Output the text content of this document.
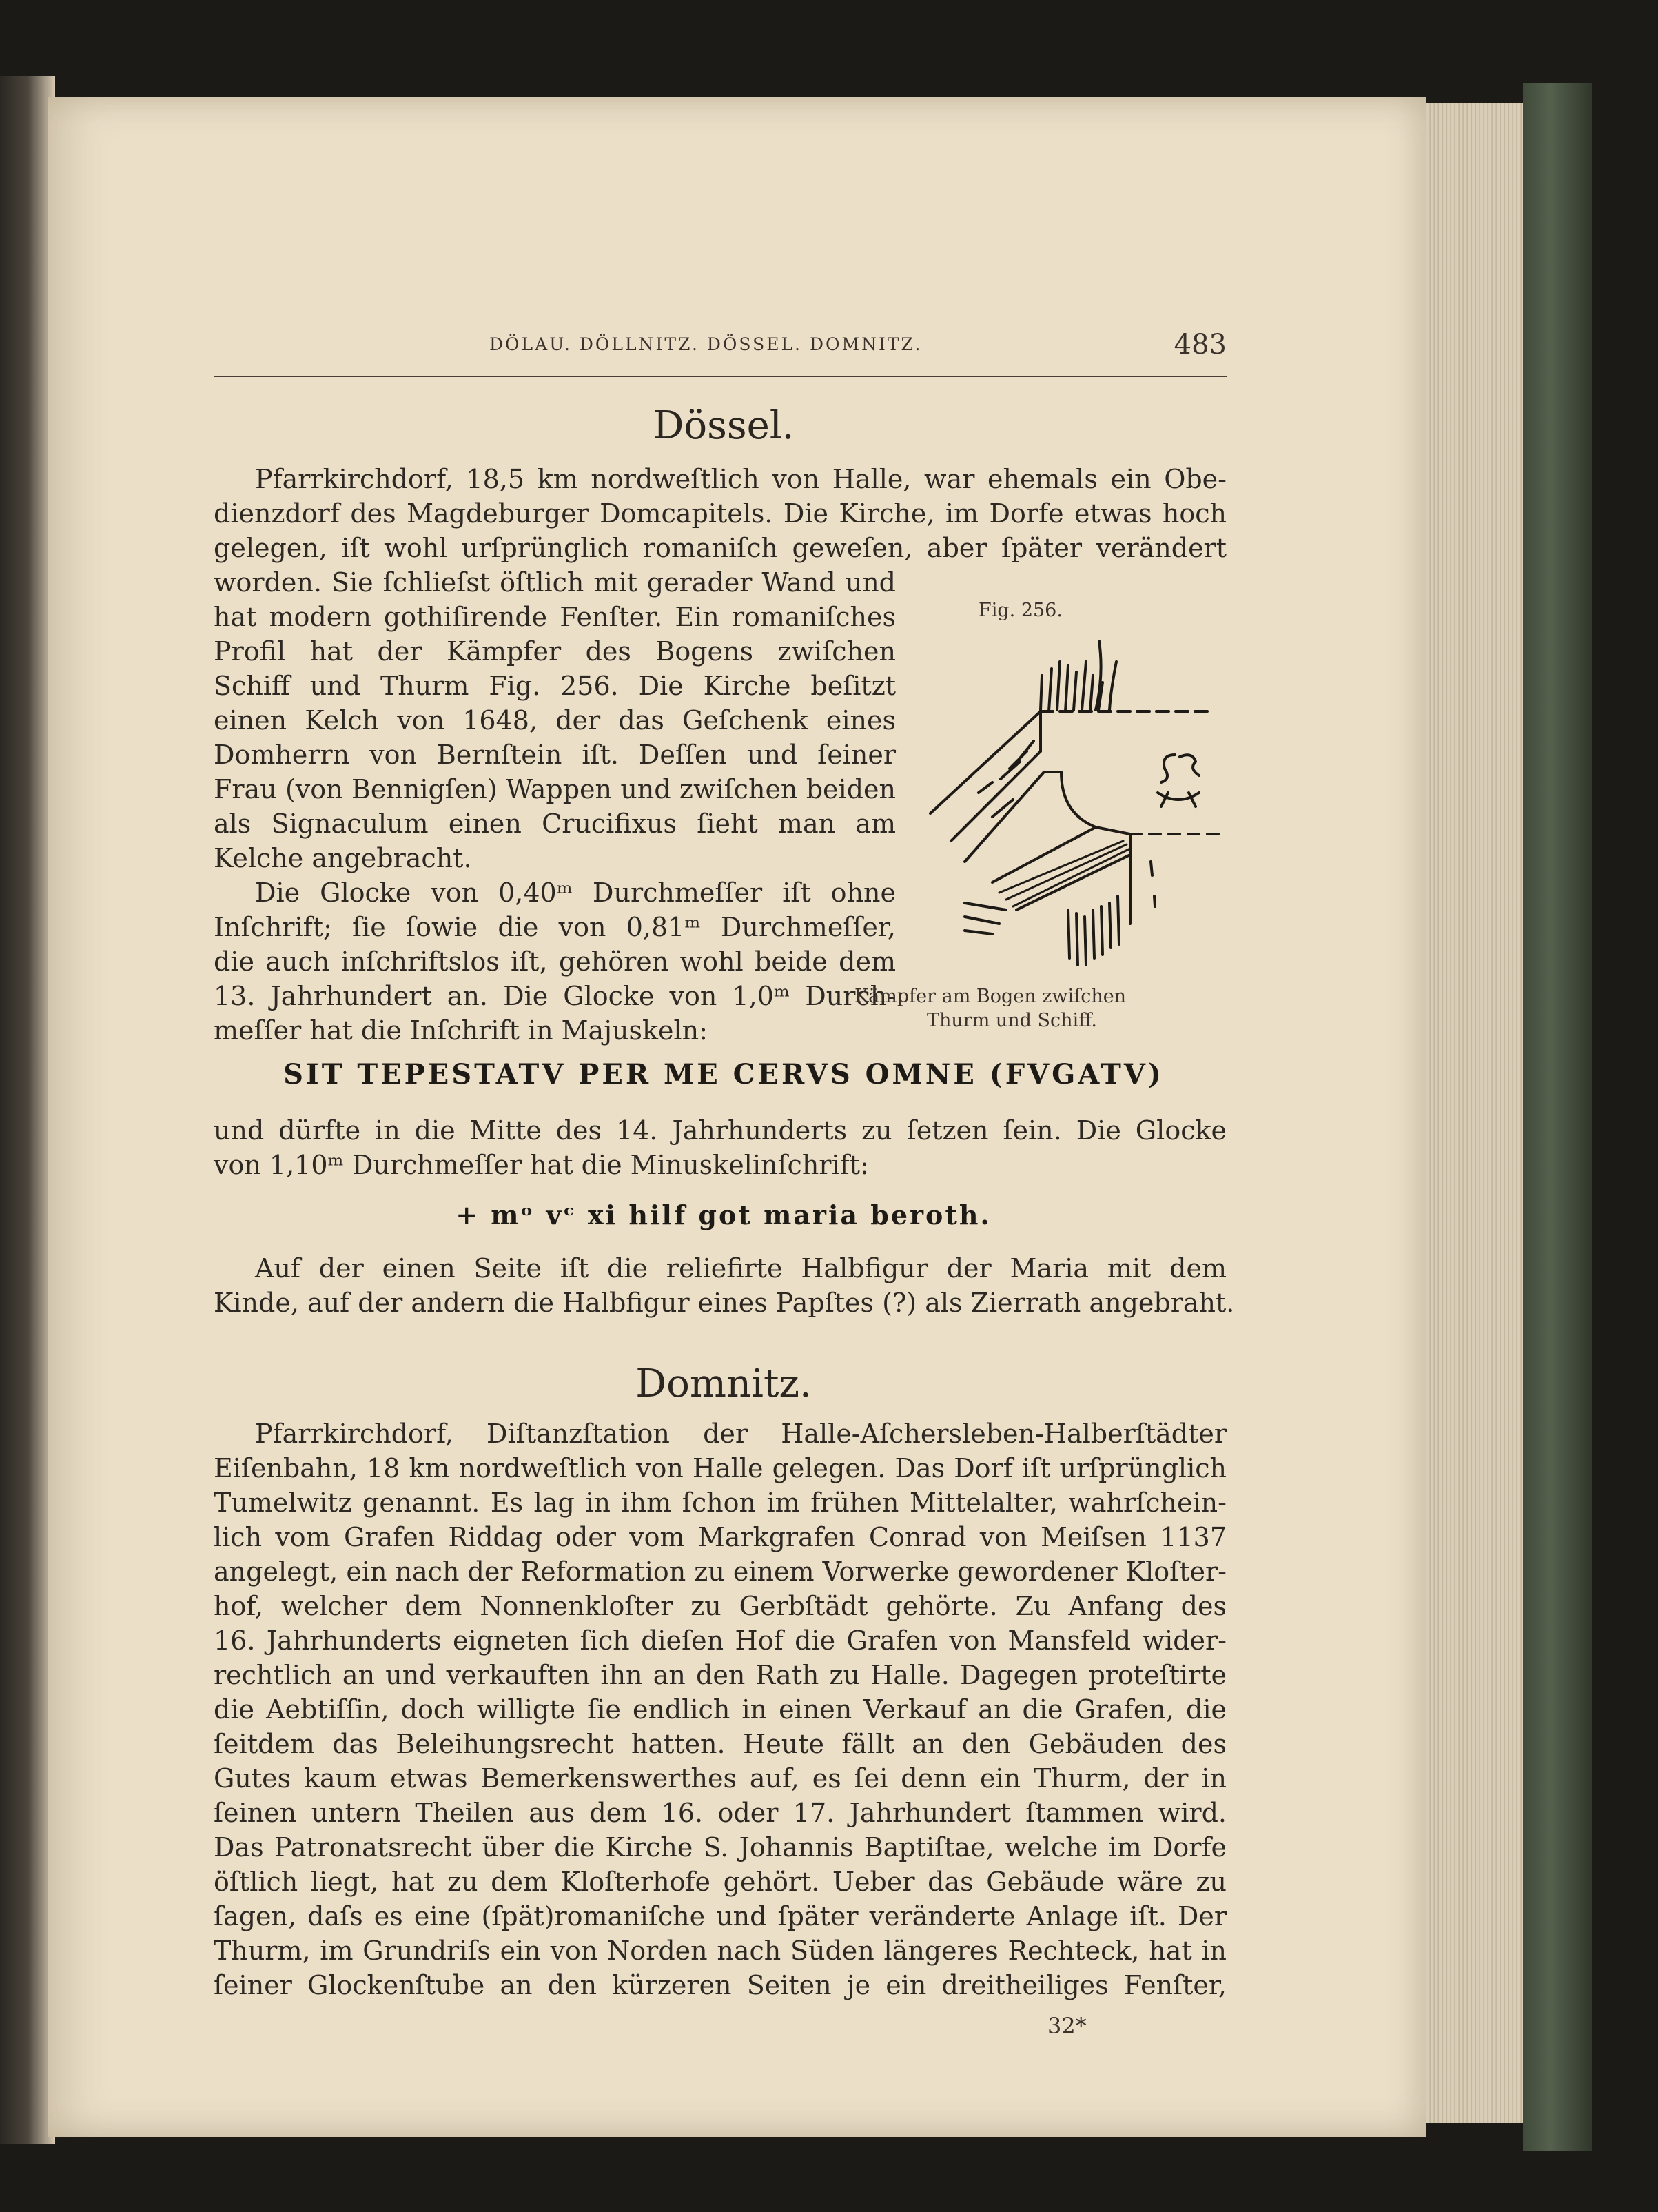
DÖLAU. DÖLLNITZ. DÖSSEL. DOMNITZ.	483
Dössel.
Pfarrkirchdorf, 18,5 km nordweſtlich von Halle, war ehemals ein Obe-
dienzdorf des Magdeburger Domcapitels. Die Kirche, im Dorfe etwas hoch
gelegen, iſt wohl urſprünglich romaniſch geweſen, aber ſpäter verändert
worden. Sie ſchlieſst öſtlich mit gerader Wand und
hat modern gothiſirende Fenſter. Ein romaniſches
Profil hat der Kämpfer des Bogens zwiſchen
Schiff und Thurm Fig. 256. Die Kirche beſitzt
einen Kelch von 1648, der das Geſchenk eines
Domherrn von Bernſtein iſt. Deſſen und ſeiner
Frau (von Bennigſen) Wappen und zwiſchen beiden
als Signaculum einen Crucifixus ſieht man am
Kelche angebracht.
Die Glocke von 0,40ᵐ Durchmeſſer iſt ohne
Inſchrift; ſie ſowie die von 0,81ᵐ Durchmeſſer,
die auch inſchriftslos iſt, gehören wohl beide dem
13. Jahrhundert an. Die Glocke von 1,0ᵐ Durch-
meſſer hat die Inſchrift in Majuskeln:
Fig. 256.
Kämpfer am Bogen zwiſchen
Thurm und Schiff.
SIT TEPESTATV PER ME CERVS OMNE (FVGATV)
und dürfte in die Mitte des 14. Jahrhunderts zu ſetzen ſein. Die Glocke
von 1,10ᵐ Durchmeſſer hat die Minuskelinſchrift:
+ mᵒ vᶜ xi hilf got maria beroth.
Auf der einen Seite iſt die reliefirte Halbfigur der Maria mit dem
Kinde, auf der andern die Halbfigur eines Papſtes (?) als Zierrath angebraht.
Domnitz.
Pfarrkirchdorf, Diſtanzſtation der Halle-Aſchersleben-Halberſtädter
Eiſenbahn, 18 km nordweſtlich von Halle gelegen. Das Dorf iſt urſprünglich
Tumelwitz genannt. Es lag in ihm ſchon im frühen Mittelalter, wahrſchein-
lich vom Grafen Riddag oder vom Markgrafen Conrad von Meiſsen 1137
angelegt, ein nach der Reformation zu einem Vorwerke gewordener Kloſter-
hof, welcher dem Nonnenkloſter zu Gerbſtädt gehörte. Zu Anfang des
16. Jahrhunderts eigneten ſich dieſen Hof die Grafen von Mansfeld wider-
rechtlich an und verkauften ihn an den Rath zu Halle. Dagegen proteſtirte
die Aebtiſſin, doch willigte ſie endlich in einen Verkauf an die Grafen, die
ſeitdem das Beleihungsrecht hatten. Heute fällt an den Gebäuden des
Gutes kaum etwas Bemerkenswerthes auf, es ſei denn ein Thurm, der in
ſeinen untern Theilen aus dem 16. oder 17. Jahrhundert ſtammen wird.
Das Patronatsrecht über die Kirche S. Johannis Baptiſtae, welche im Dorfe
öſtlich liegt, hat zu dem Kloſterhofe gehört. Ueber das Gebäude wäre zu
ſagen, daſs es eine (ſpät)romaniſche und ſpäter veränderte Anlage iſt. Der
Thurm, im Grundriſs ein von Norden nach Süden längeres Rechteck, hat in
ſeiner Glockenſtube an den kürzeren Seiten je ein dreitheiliges Fenſter,
32*
